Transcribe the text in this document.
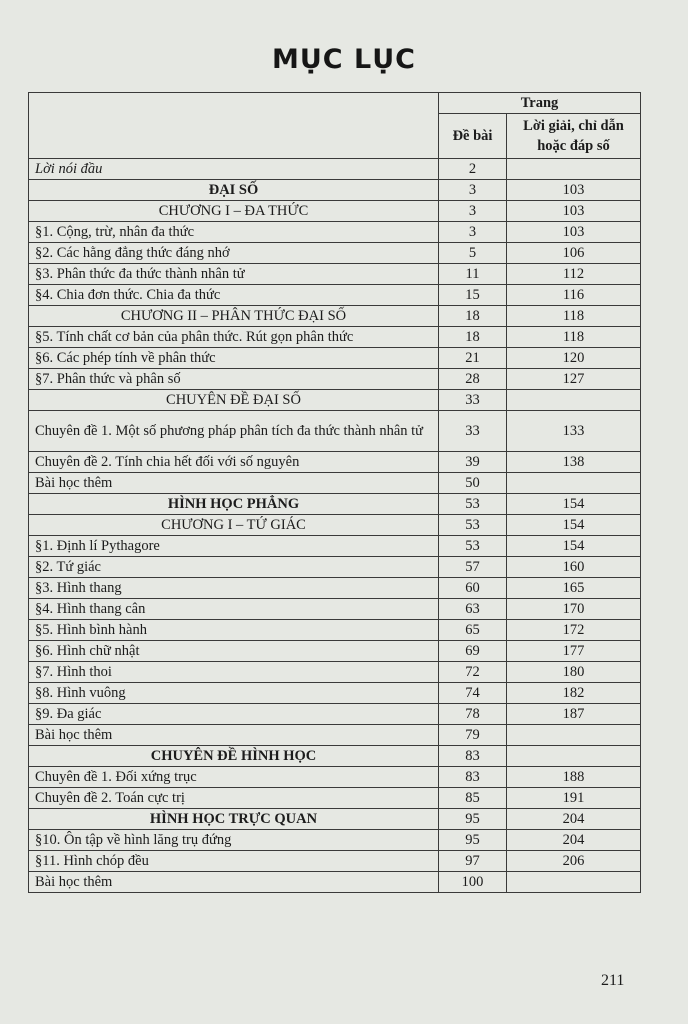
MỤC LỤC
	Trang	
	Đề bài	Lời giải, chỉ dẫn
hoặc đáp số

Lời nói đầu	2	
ĐẠI SỐ	3	103
CHƯƠNG I – ĐA THỨC	3	103
§1. Cộng, trừ, nhân đa thức	3	103
§2. Các hằng đẳng thức đáng nhớ	5	106
§3. Phân thức đa thức thành nhân tử	11	112
§4. Chia đơn thức. Chia đa thức	15	116
CHƯƠNG II – PHÂN THỨC ĐẠI SỐ	18	118
§5. Tính chất cơ bản của phân thức. Rút gọn phân thức	18	118
§6. Các phép tính về phân thức	21	120
§7. Phân thức và phân số	28	127
CHUYÊN ĐỀ ĐẠI SỐ	33	
Chuyên đề 1. Một số phương pháp phân tích đa thức thành nhân tử	33	133
Chuyên đề 2. Tính chia hết đối với số nguyên	39	138
Bài học thêm	50	
HÌNH HỌC PHẲNG	53	154
CHƯƠNG I – TỨ GIÁC	53	154
§1. Định lí Pythagore	53	154
§2. Tứ giác	57	160
§3. Hình thang	60	165
§4. Hình thang cân	63	170
§5. Hình bình hành	65	172
§6. Hình chữ nhật	69	177
§7. Hình thoi	72	180
§8. Hình vuông	74	182
§9. Đa giác	78	187
Bài học thêm	79	
CHUYÊN ĐỀ HÌNH HỌC	83	
Chuyên đề 1. Đối xứng trục	83	188
Chuyên đề 2. Toán cực trị	85	191
HÌNH HỌC TRỰC QUAN	95	204
§10. Ôn tập về hình lăng trụ đứng	95	204
§11. Hình chóp đều	97	206
Bài học thêm	100	
211
